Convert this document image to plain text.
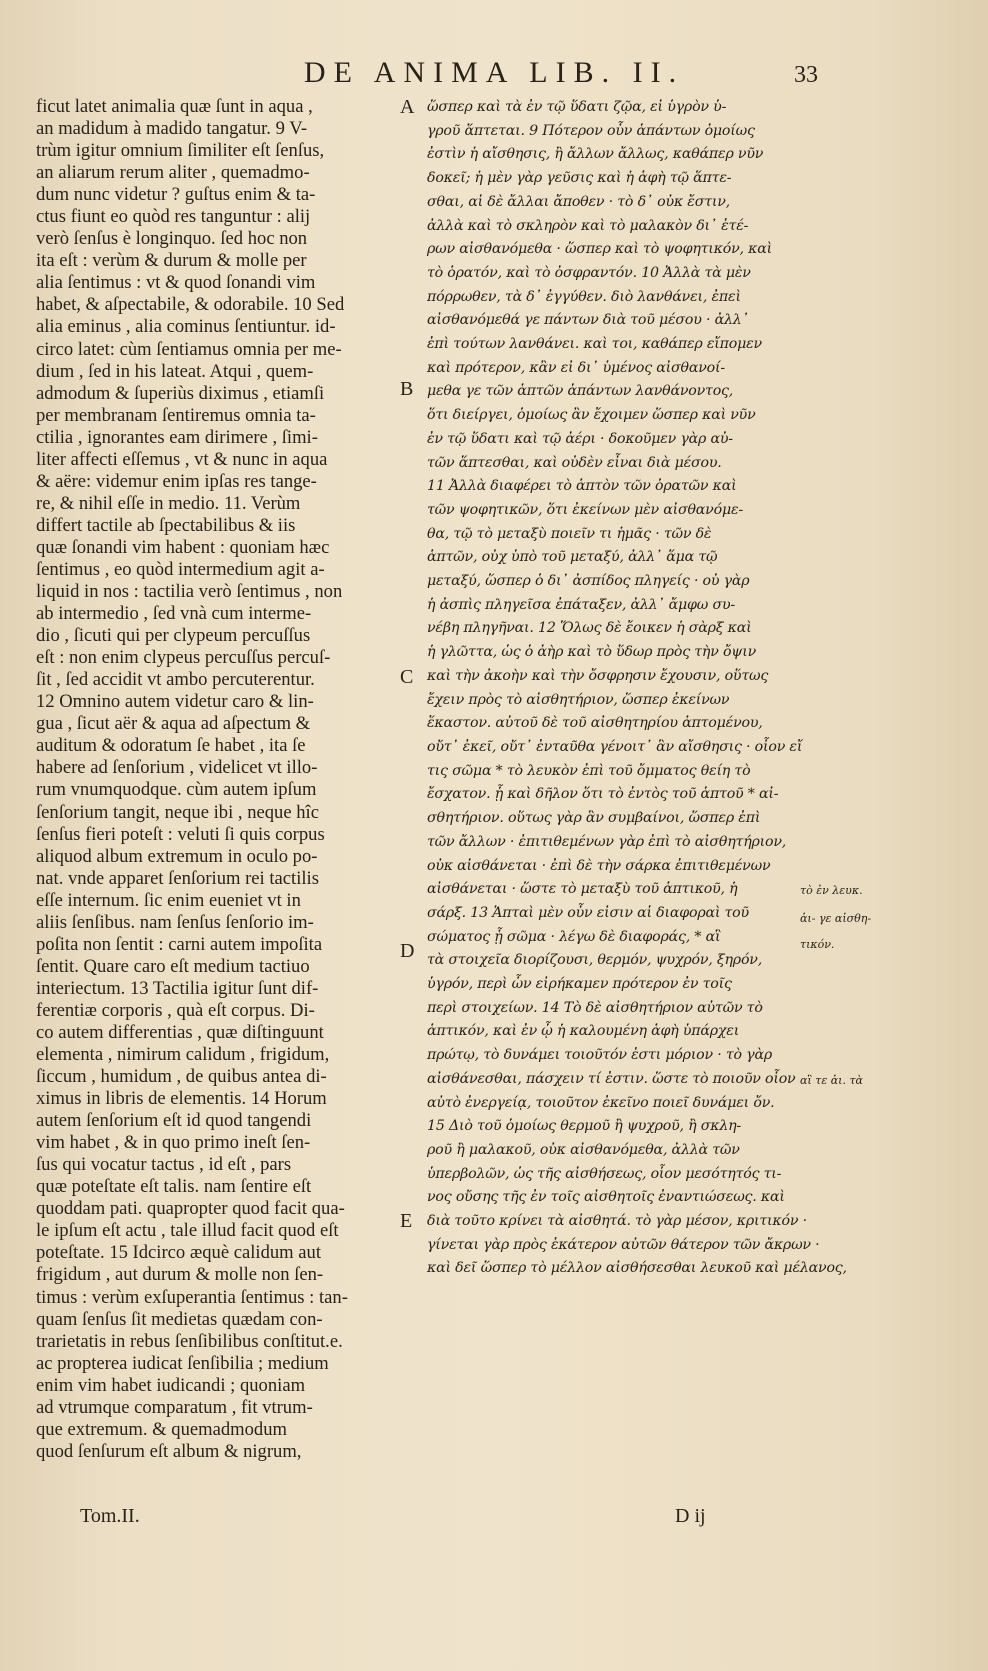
DE ANIMA LIB. II.	33
ficut latet animalia quæ ſunt in aqua ,
an madidum à madido tangatur. 9 V-
trùm igitur omnium ſimiliter eſt ſenſus,
an aliarum rerum aliter , quemadmo-
dum nunc videtur ? guſtus enim & ta-
ctus fiunt eo quòd res tanguntur : alij
verò ſenſus è longinquo. ſed hoc non
ita eſt : verùm & durum & molle per
alia ſentimus : vt & quod ſonandi vim
habet, & aſpectabile, & odorabile. 10 Sed
alia eminus , alia cominus ſentiuntur. id-
circo latet: cùm ſentiamus omnia per me-
dium , ſed in his lateat. Atqui , quem-
admodum & ſuperiùs diximus , etiamſi
per membranam ſentiremus omnia ta-
ctilia , ignorantes eam dirimere , ſimi-
liter affecti eſſemus , vt & nunc in aqua
& aëre: videmur enim ipſas res tange-
re, & nihil eſſe in medio. 11. Verùm
differt tactile ab ſpectabilibus & iis
quæ ſonandi vim habent : quoniam hæc
ſentimus , eo quòd intermedium agit a-
liquid in nos : tactilia verò ſentimus , non
ab intermedio , ſed vnà cum interme-
dio , ſicuti qui per clypeum percuſſus
eſt : non enim clypeus percuſſus percuſ-
ſit , ſed accidit vt ambo percuterentur.
12 Omnino autem videtur caro & lin-
gua , ſicut aër & aqua ad aſpectum &
auditum & odoratum ſe habet , ita ſe
habere ad ſenſorium , videlicet vt illo-
rum vnumquodque. cùm autem ipſum
ſenſorium tangit, neque ibi , neque hîc
ſenſus fieri poteſt : veluti ſi quis corpus
aliquod album extremum in oculo po-
nat. vnde apparet ſenſorium rei tactilis
eſſe internum. ſic enim eueniet vt in
aliis ſenſibus. nam ſenſus ſenſorio im-
poſita non ſentit : carni autem impoſita
ſentit. Quare caro eſt medium tactiuo
interiectum. 13 Tactilia igitur ſunt dif-
ferentiæ corporis , quà eſt corpus. Di-
co autem differentias , quæ diſtinguunt
elementa , nimirum calidum , frigidum,
ſiccum , humidum , de quibus antea di-
ximus in libris de elementis. 14 Horum
autem ſenſorium eſt id quod tangendi
vim habet , & in quo primo ineſt ſen-
ſus qui vocatur tactus , id eſt , pars
quæ poteſtate eſt talis. nam ſentire eſt
quoddam pati. quapropter quod facit qua-
le ipſum eſt actu , tale illud facit quod eſt
poteſtate. 15 Idcirco æquè calidum aut
frigidum , aut durum & molle non ſen-
timus : verùm exſuperantia ſentimus : tan-
quam ſenſus ſit medietas quædam con-
trarietatis in rebus ſenſibilibus conſtitut.e.
ac propterea iudicat ſenſibilia ; medium
enim vim habet iudicandi ; quoniam
ad vtrumque comparatum , fit vtrum-
que extremum. & quemadmodum
quod ſenſurum eſt album & nigrum,
A
B
C
D
E
ὥσπερ καὶ τὰ ἐν τῷ ὕδατι ζῷα, εἰ ὑγρὸν ὑ-
γροῦ ἅπτεται. 9 Πότερον οὖν ἁπάντων ὁμοίως
ἐστὶν ἡ αἴσθησις, ἢ ἄλλων ἄλλως, καθάπερ νῦν
δοκεῖ; ἡ μὲν γὰρ γεῦσις καὶ ἡ ἁφὴ τῷ ἅπτε-
σθαι, αἱ δὲ ἄλλαι ἄποθεν · τὸ δ᾽ οὐκ ἔστιν,
ἀλλὰ καὶ τὸ σκληρὸν καὶ τὸ μαλακὸν δι᾽ ἑτέ-
ρων αἰσθανόμεθα · ὥσπερ καὶ τὸ ψοφητικόν, καὶ
τὸ ὁρατόν, καὶ τὸ ὀσφραντόν. 10 Ἀλλὰ τὰ μὲν
πόρρωθεν, τὰ δ᾽ ἐγγύθεν. διὸ λανθάνει, ἐπεὶ
αἰσθανόμεθά γε πάντων διὰ τοῦ μέσου · ἀλλ᾽
ἐπὶ τούτων λανθάνει. καὶ τοι, καθάπερ εἴπομεν
καὶ πρότερον, κἂν εἰ δι᾽ ὑμένος αἰσθανοί-
μεθα γε τῶν ἁπτῶν ἁπάντων λανθάνοντος,
ὅτι διείργει, ὁμοίως ἂν ἔχοιμεν ὥσπερ καὶ νῦν
ἐν τῷ ὕδατι καὶ τῷ ἀέρι · δοκοῦμεν γὰρ αὐ-
τῶν ἅπτεσθαι, καὶ οὐδὲν εἶναι διὰ μέσου.
11 Ἀλλὰ διαφέρει τὸ ἁπτὸν τῶν ὁρατῶν καὶ
τῶν ψοφητικῶν, ὅτι ἐκείνων μὲν αἰσθανόμε-
θα, τῷ τὸ μεταξὺ ποιεῖν τι ἡμᾶς · τῶν δὲ
ἁπτῶν, οὐχ ὑπὸ τοῦ μεταξύ, ἀλλ᾽ ἅμα τῷ
μεταξύ, ὥσπερ ὁ δι᾽ ἀσπίδος πληγείς · οὐ γὰρ
ἡ ἀσπὶς πληγεῖσα ἐπάταξεν, ἀλλ᾽ ἄμφω συ-
νέβη πληγῆναι. 12 Ὅλως δὲ ἔοικεν ἡ σὰρξ καὶ
ἡ γλῶττα, ὡς ὁ ἀὴρ καὶ τὸ ὕδωρ πρὸς τὴν ὄψιν
καὶ τὴν ἀκοὴν καὶ τὴν ὄσφρησιν ἔχουσιν, οὕτως
ἔχειν πρὸς τὸ αἰσθητήριον, ὥσπερ ἐκείνων
ἕκαστον. αὐτοῦ δὲ τοῦ αἰσθητηρίου ἁπτομένου,
οὔτ᾽ ἐκεῖ, οὔτ᾽ ἐνταῦθα γένοιτ᾽ ἂν αἴσθησις · οἷον εἴ
τις σῶμα * τὸ λευκὸν ἐπὶ τοῦ ὄμματος θείη τὸ
ἔσχατον. ᾗ καὶ δῆλον ὅτι τὸ ἐντὸς τοῦ ἁπτοῦ * αἰ-
σθητήριον. οὕτως γὰρ ἂν συμβαίνοι, ὥσπερ ἐπὶ
τῶν ἄλλων · ἐπιτιθεμένων γὰρ ἐπὶ τὸ αἰσθητήριον,
οὐκ αἰσθάνεται · ἐπὶ δὲ τὴν σάρκα ἐπιτιθεμένων
αἰσθάνεται · ὥστε τὸ μεταξὺ τοῦ ἁπτικοῦ, ἡ
σάρξ. 13 Ἁπταὶ μὲν οὖν εἰσιν αἱ διαφοραὶ τοῦ
σώματος ᾗ σῶμα · λέγω δὲ διαφοράς, * αἳ
τὰ στοιχεῖα διορίζουσι, θερμόν, ψυχρόν, ξηρόν,
ὑγρόν, περὶ ὧν εἰρήκαμεν πρότερον ἐν τοῖς
περὶ στοιχείων. 14 Τὸ δὲ αἰσθητήριον αὐτῶν τὸ
ἁπτικόν, καὶ ἐν ᾧ ἡ καλουμένη ἁφὴ ὑπάρχει
πρώτῳ, τὸ δυνάμει τοιοῦτόν ἐστι μόριον · τὸ γὰρ
αἰσθάνεσθαι, πάσχειν τί ἐστιν. ὥστε τὸ ποιοῦν οἷον
αὐτὸ ἐνεργείᾳ, τοιοῦτον ἐκεῖνο ποιεῖ δυνάμει ὄν.
15 Διὸ τοῦ ὁμοίως θερμοῦ ἢ ψυχροῦ, ἢ σκλη-
ροῦ ἢ μαλακοῦ, οὐκ αἰσθανόμεθα, ἀλλὰ τῶν
ὑπερβολῶν, ὡς τῆς αἰσθήσεως, οἷον μεσότητός τι-
νος οὔσης τῆς ἐν τοῖς αἰσθητοῖς ἐναντιώσεως. καὶ
διὰ τοῦτο κρίνει τὰ αἰσθητά. τὸ γὰρ μέσον, κριτικόν ·
γίνεται γὰρ πρὸς ἑκάτερον αὐτῶν θάτερον τῶν ἄκρων ·
καὶ δεῖ ὥσπερ τὸ μέλλον αἰσθήσεσθαι λευκοῦ καὶ μέλανος,
τὸ ἐν λευκ.
ἀι- γε αἰσθη-
τικόν.
αἳ τε ἀι. τὰ
Tom.II.	D ij
